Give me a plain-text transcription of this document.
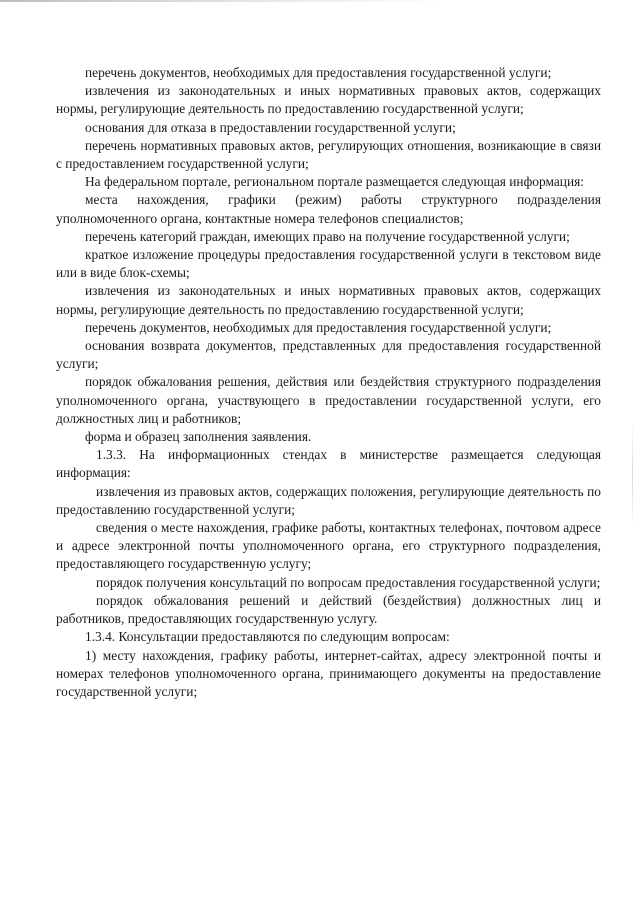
перечень документов, необходимых для предоставления государственной услуги;

извлечения из законодательных и иных нормативных правовых актов, содержащих нормы, регулирующие деятельность по предоставлению государственной услуги;

основания для отказа в предоставлении государственной услуги;

перечень нормативных правовых актов, регулирующих отношения, возникающие в связи с предоставлением государственной услуги;

На федеральном портале, региональном портале размещается следующая информация:

места нахождения, графики (режим) работы структурного подразделения уполномоченного органа, контактные номера телефонов специалистов;

перечень категорий граждан, имеющих право на получение государственной услуги;

краткое изложение процедуры предоставления государственной услуги в текстовом виде или в виде блок-схемы;

извлечения из законодательных и иных нормативных правовых актов, содержащих нормы, регулирующие деятельность по предоставлению государственной услуги;

перечень документов, необходимых для предоставления государственной услуги;

основания возврата документов, представленных для предоставления государственной услуги;

порядок обжалования решения, действия или бездействия структурного подразделения уполномоченного органа, участвующего в предоставлении государственной услуги, его должностных лиц и работников;

форма и образец заполнения заявления.

1.3.3. На информационных стендах в министерстве размещается следующая информация:

извлечения из правовых актов, содержащих положения, регулирующие деятельность по предоставлению государственной услуги;

сведения о месте нахождения, графике работы, контактных телефонах, почтовом адресе и адресе электронной почты уполномоченного органа, его структурного подразделения, предоставляющего государственную услугу;

порядок получения консультаций по вопросам предоставления государственной услуги;

порядок обжалования решений и действий (бездействия) должностных лиц и работников, предоставляющих государственную услугу.

1.3.4. Консультации предоставляются по следующим вопросам:

1) месту нахождения, графику работы, интернет-сайтах, адресу электронной почты и номерах телефонов уполномоченного органа, принимающего документы на предоставление государственной услуги;
